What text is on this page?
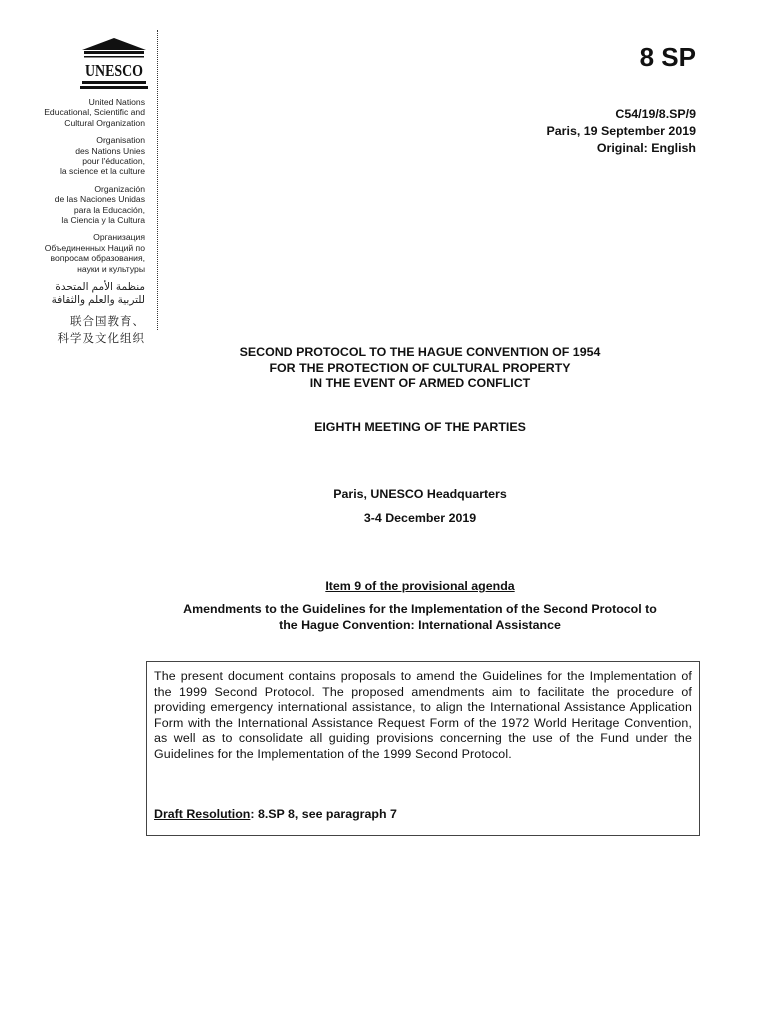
UNESCO
United Nations
Educational, Scientific and
Cultural Organization
Organisation
des Nations Unies
pour l'éducation,
la science et la culture
Organización
de las Naciones Unidas
para la Educación,
la Ciencia y la Cultura
Организация
Объединенных Наций по
вопросам образования,
науки и культуры
منظمة الأمم المتحدة
للتربية والعلم والثقافة
联合国教育、
科学及文化组织
8 SP
C54/19/8.SP/9
Paris, 19 September 2019
Original: English
SECOND PROTOCOL TO THE HAGUE CONVENTION OF 1954
FOR THE PROTECTION OF CULTURAL PROPERTY
IN THE EVENT OF ARMED CONFLICT
EIGHTH MEETING OF THE PARTIES
Paris, UNESCO Headquarters
3-4 December 2019
Item 9 of the provisional agenda
Amendments to the Guidelines for the Implementation of the Second Protocol to
the Hague Convention: International Assistance

The present document contains proposals to amend the Guidelines for the Implementation of the 1999 Second Protocol. The proposed amendments aim to facilitate the procedure of providing emergency international assistance, to align the International Assistance Application Form with the International Assistance Request Form of the 1972 World Heritage Convention, as well as to consolidate all guiding provisions concerning the use of the Fund under the Guidelines for the Implementation of the 1999 Second Protocol.

Draft Resolution: 8.SP 8, see paragraph 7
